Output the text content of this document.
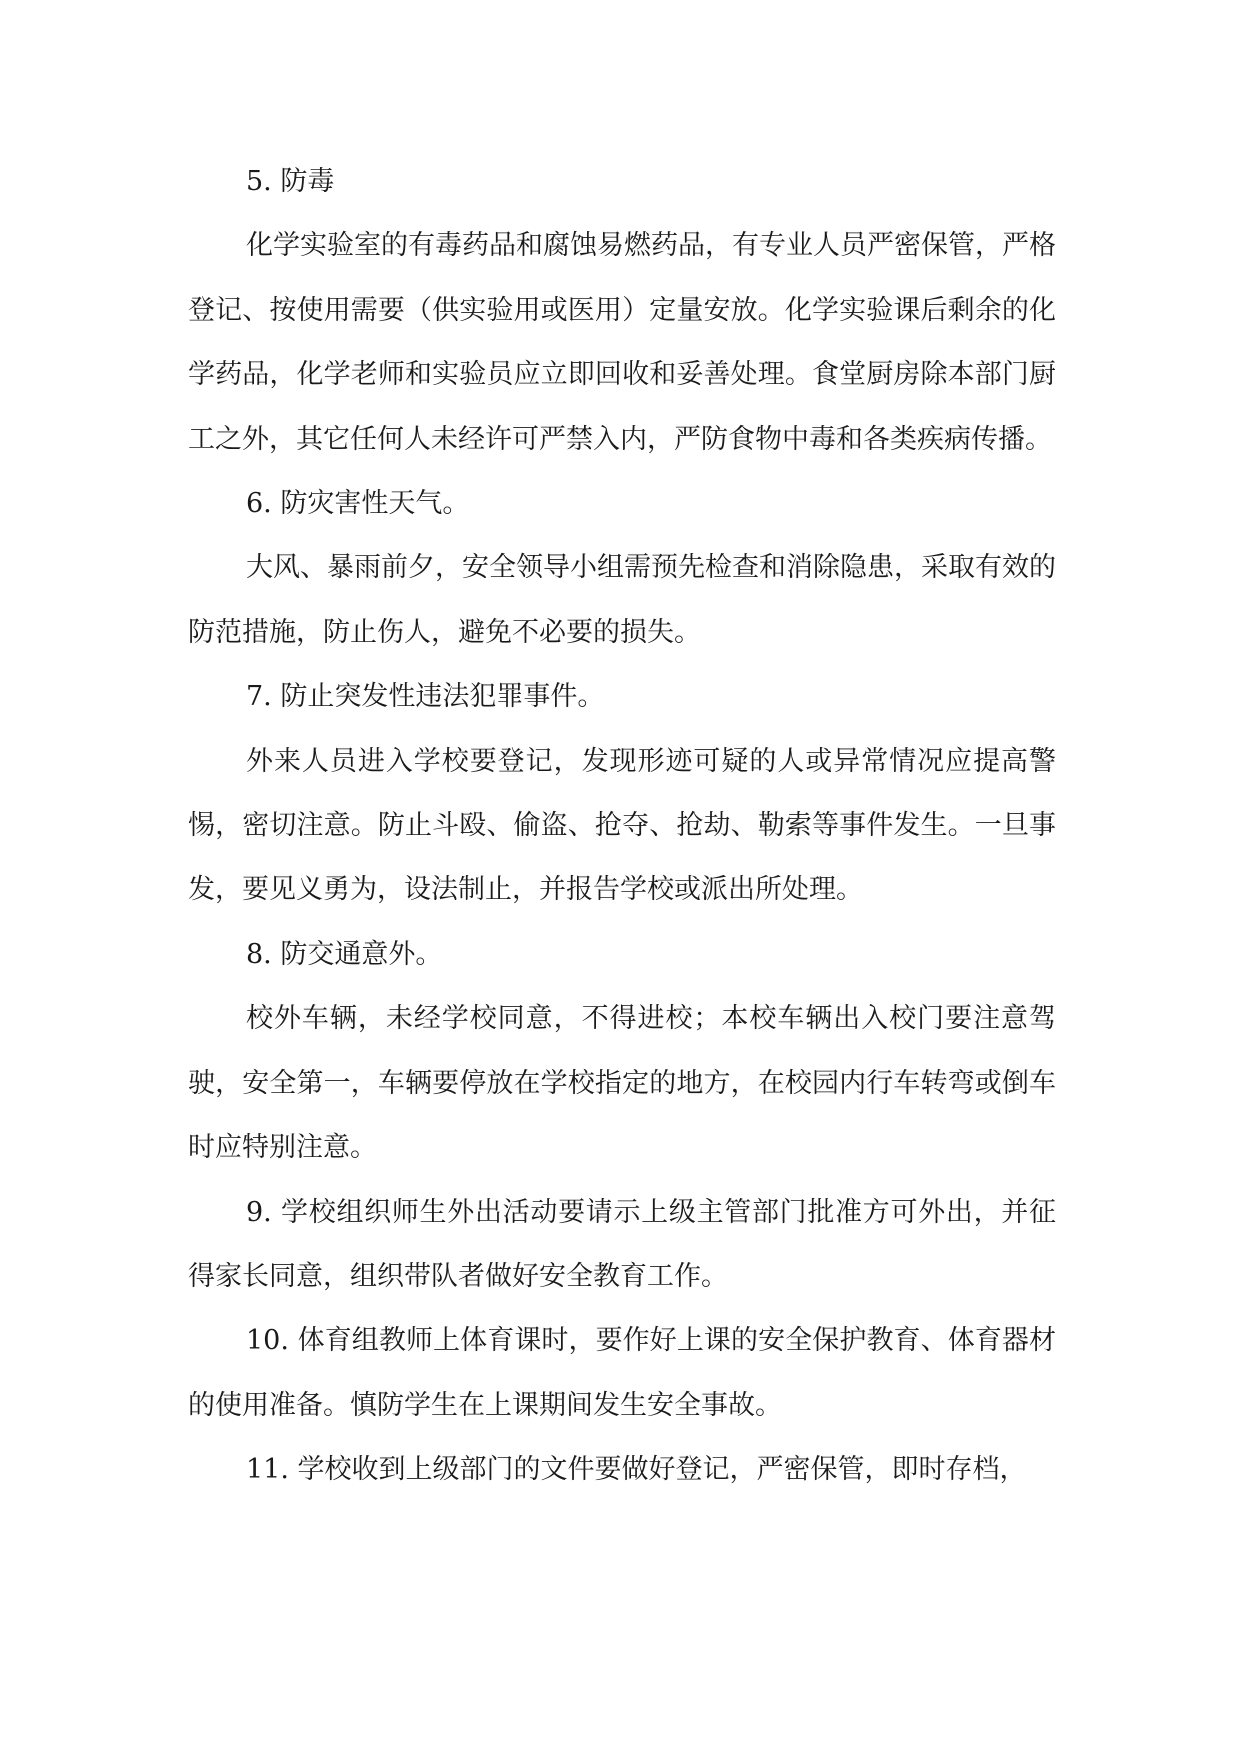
5. 防毒

化学实验室的有毒药品和腐蚀易燃药品，有专业人员严密保管，严格登记、按使用需要（供实验用或医用）定量安放。化学实验课后剩余的化学药品，化学老师和实验员应立即回收和妥善处理。食堂厨房除本部门厨工之外，其它任何人未经许可严禁入内，严防食物中毒和各类疾病传播。

6. 防灾害性天气。

大风、暴雨前夕，安全领导小组需预先检查和消除隐患，采取有效的防范措施，防止伤人，避免不必要的损失。

7. 防止突发性违法犯罪事件。

外来人员进入学校要登记，发现形迹可疑的人或异常情况应提高警惕，密切注意。防止斗殴、偷盗、抢夺、抢劫、勒索等事件发生。一旦事发，要见义勇为，设法制止，并报告学校或派出所处理。

8. 防交通意外。

校外车辆，未经学校同意，不得进校；本校车辆出入校门要注意驾驶，安全第一，车辆要停放在学校指定的地方，在校园内行车转弯或倒车时应特别注意。

9. 学校组织师生外出活动要请示上级主管部门批准方可外出，并征得家长同意，组织带队者做好安全教育工作。

10. 体育组教师上体育课时，要作好上课的安全保护教育、体育器材的使用准备。慎防学生在上课期间发生安全事故。

11. 学校收到上级部门的文件要做好登记，严密保管，即时存档，
